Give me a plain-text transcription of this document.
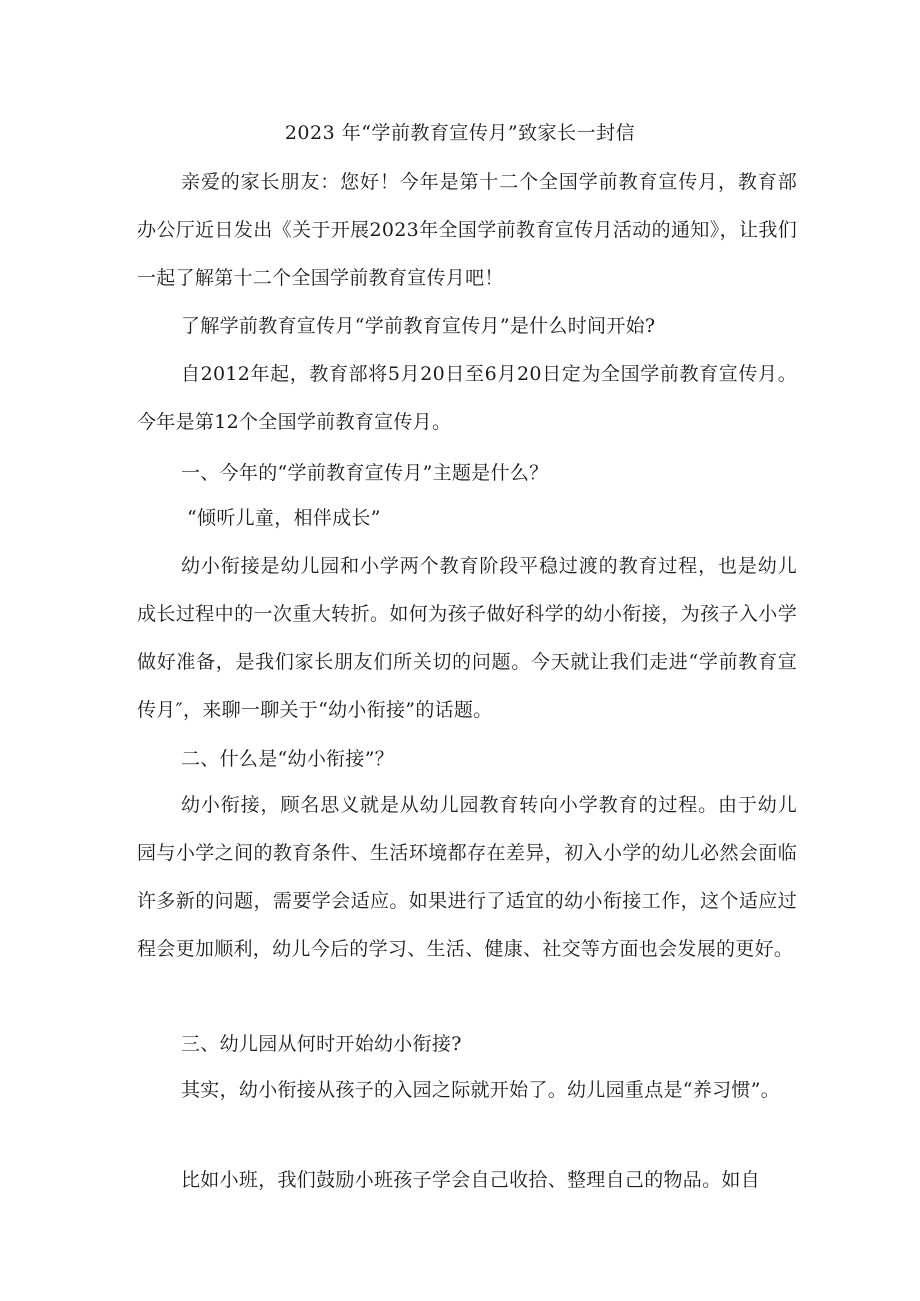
2023 年“学前教育宣传月”致家长一封信

亲爱的家长朋友：您好！今年是第十二个全国学前教育宣传月，教育部办公厅近日发出《关于开展2023年全国学前教育宣传月活动的通知》，让我们一起了解第十二个全国学前教育宣传月吧！

了解学前教育宣传月“学前教育宣传月”是什么时间开始?

自2012年起，教育部将5月20日至6月20日定为全国学前教育宣传月。今年是第12个全国学前教育宣传月。

一、今年的“学前教育宣传月”主题是什么？

“倾听儿童，相伴成长”

幼小衔接是幼儿园和小学两个教育阶段平稳过渡的教育过程，也是幼儿成长过程中的一次重大转折。如何为孩子做好科学的幼小衔接，为孩子入小学做好准备，是我们家长朋友们所关切的问题。今天就让我们走进“学前教育宣传月″，来聊一聊关于“幼小衔接”的话题。

二、什么是“幼小衔接”？

幼小衔接，顾名思义就是从幼儿园教育转向小学教育的过程。由于幼儿园与小学之间的教育条件、生活环境都存在差异，初入小学的幼儿必然会面临许多新的问题，需要学会适应。如果进行了适宜的幼小衔接工作，这个适应过程会更加顺利，幼儿今后的学习、生活、健康、社交等方面也会发展的更好。

三、幼儿园从何时开始幼小衔接?

其实，幼小衔接从孩子的入园之际就开始了。幼儿园重点是“养习惯”。

比如小班，我们鼓励小班孩子学会自己收拾、整理自己的物品。如自
